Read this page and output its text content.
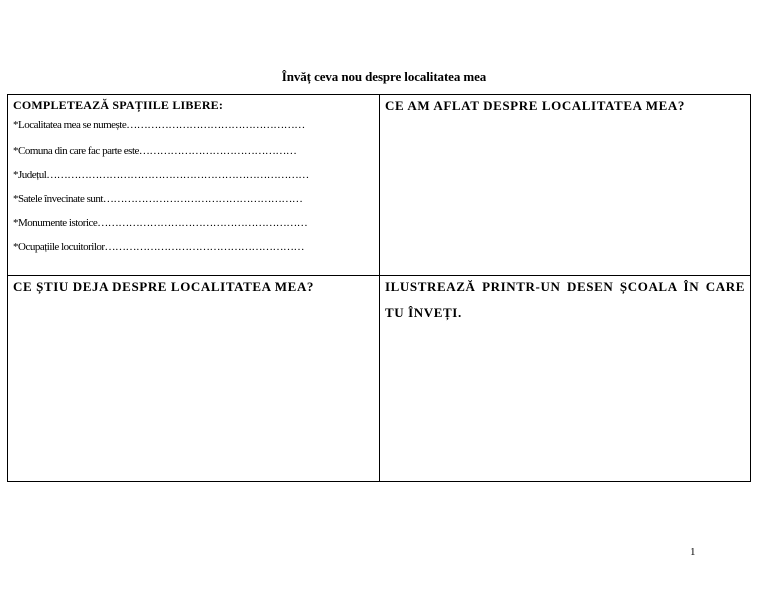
Învăț ceva nou despre localitatea mea
COMPLETEAZĂ SPAȚIILE LIBERE:
*Localitatea mea se numește……………………………………………
*Comuna din care fac parte este………………………………………
*Județul…………………………………………………………………
*Satele învecinate sunt…………………………………………………
*Monumente istorice……………………………………………………
*Ocupațiile locuitorilor…………………………………………………
CE AM AFLAT DESPRE LOCALITATEA MEA?
CE ȘTIU DEJA DESPRE LOCALITATEA MEA?	ILUSTREAZĂ PRINTR-UN DESEN ȘCOALA ÎN CARE TU ÎNVEȚI.
1
